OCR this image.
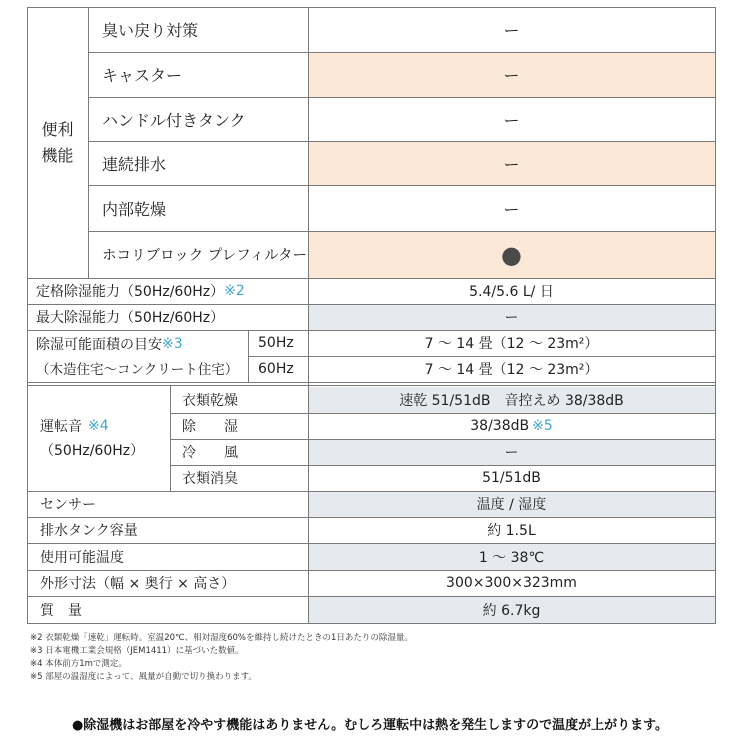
便利
機能
臭い戻り対策	ー
キャスター	ー
ハンドル付きタンク	ー
連続排水	ー
内部乾燥	ー
ホコリブロック プレフィルター	●
定格除湿能力（50Hz/60Hz） ※2	5.4/5.6 L/ 日
最大除湿能力（50Hz/60Hz）	ー
除湿可能面積の目安 ※3
（木造住宅〜コンクリート住宅）
50Hz	7 〜 14 畳（12 〜 23m²）
60Hz	7 〜 14 畳（12 〜 23m²）
運転音 ※4
（50Hz/60Hz）
衣類乾燥	速乾 51/51dB　音控えめ 38/38dB
除　　湿	38/38dB ※5
冷　　風	ー
衣類消臭	51/51dB
センサー	温度 / 湿度
排水タンク容量	約 1.5L
使用可能温度	1 〜 38℃
外形寸法（幅 × 奥行 × 高さ）	300×300×323mm
質　量	約 6.7kg
※2 衣類乾燥「速乾」運転時。室温20℃、相対湿度60%を維持し続けたときの1日あたりの除湿量。
※3 日本電機工業会規格（JEM1411）に基づいた数値。
※4 本体前方1mで測定。
※5 部屋の温湿度によって、風量が自動で切り換わります。
●除湿機はお部屋を冷やす機能はありません。むしろ運転中は熱を発生しますので温度が上がります。
